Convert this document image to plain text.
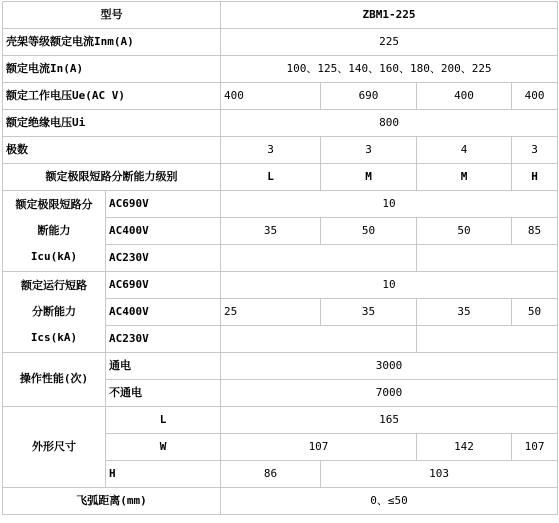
型号		ZBM1-225				
壳架等级额定电流Inm(A)		225				
额定电流In(A)		100、125、140、160、180、200、225				
额定工作电压Ue(AC V)		400	690	400	400	
额定绝缘电压Ui		800				
极数		3	3	4	3	
额定极限短路分断能力级别		L	M	M	H	

额定极限短路分
断能力
Icu(kA)	AC690V	10				
	AC400V	35	50	50	85	
	AC230V					

额定运行短路
分断能力
Ics(kA)	AC690V	10				
	AC400V	25	35	35	50	
	AC230V					
操作性能(次)	通电	3000				
	不通电	7000				
外形尺寸	L	165				
	W	107		142	107	
	H	86	103			
飞弧距离(mm)		0、≤50				
